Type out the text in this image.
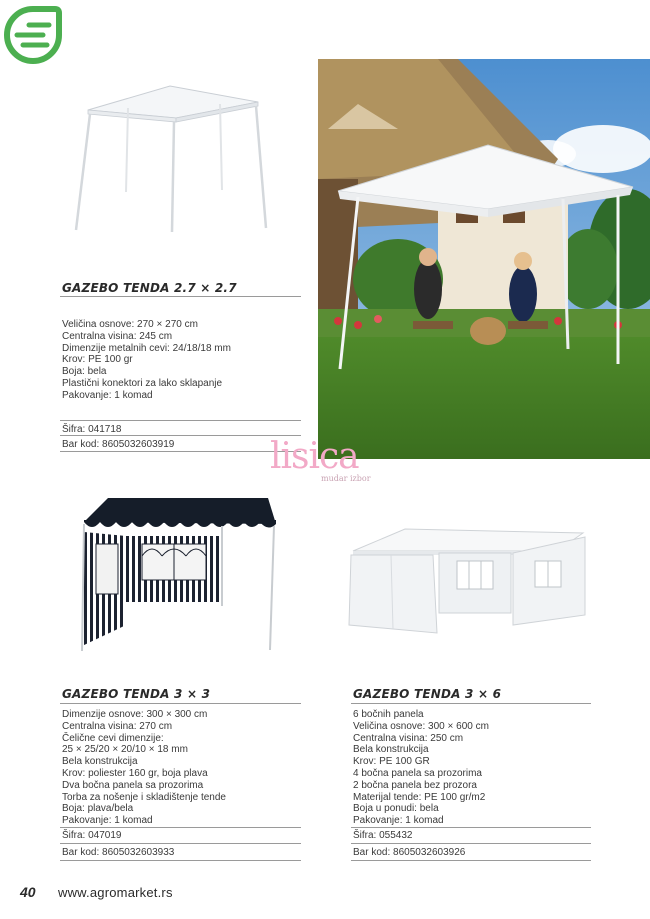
GAZEBO TENDA 2.7 × 2.7
Veličina osnove: 270 × 270 cm
Centralna visina: 245 cm
Dimenzije metalnih cevi: 24/18/18 mm
Krov: PE 100 gr
Boja: bela
Plastični konektori za lako sklapanje
Pakovanje: 1 komad
Šifra: 041718
Bar kod: 8605032603919	lisica
mudar izbor
GAZEBO TENDA 3 × 3
Dimenzije osnove: 300 × 300 cm
Centralna visina: 270 cm
Čelične cevi dimenzije:
25 × 25/20 × 20/10 × 18 mm
Bela konstrukcija
Krov: poliester 160 gr, boja plava
Dva bočna panela sa prozorima
Torba za nošenje i skladištenje tende
Boja: plava/bela
Pakovanje: 1 komad
Šifra: 047019
Bar kod: 8605032603933
GAZEBO TENDA 3 × 6
6 bočnih panela
Veličina osnove: 300 × 600 cm
Centralna visina: 250 cm
Bela konstrukcija
Krov: PE 100 GR
4 bočna panela sa prozorima
2 bočna panela bez prozora
Materijal tende: PE 100 gr/m2
Boja u ponudi: bela
Pakovanje: 1 komad
Šifra: 055432
Bar kod: 8605032603926
40 www.agromarket.rs
